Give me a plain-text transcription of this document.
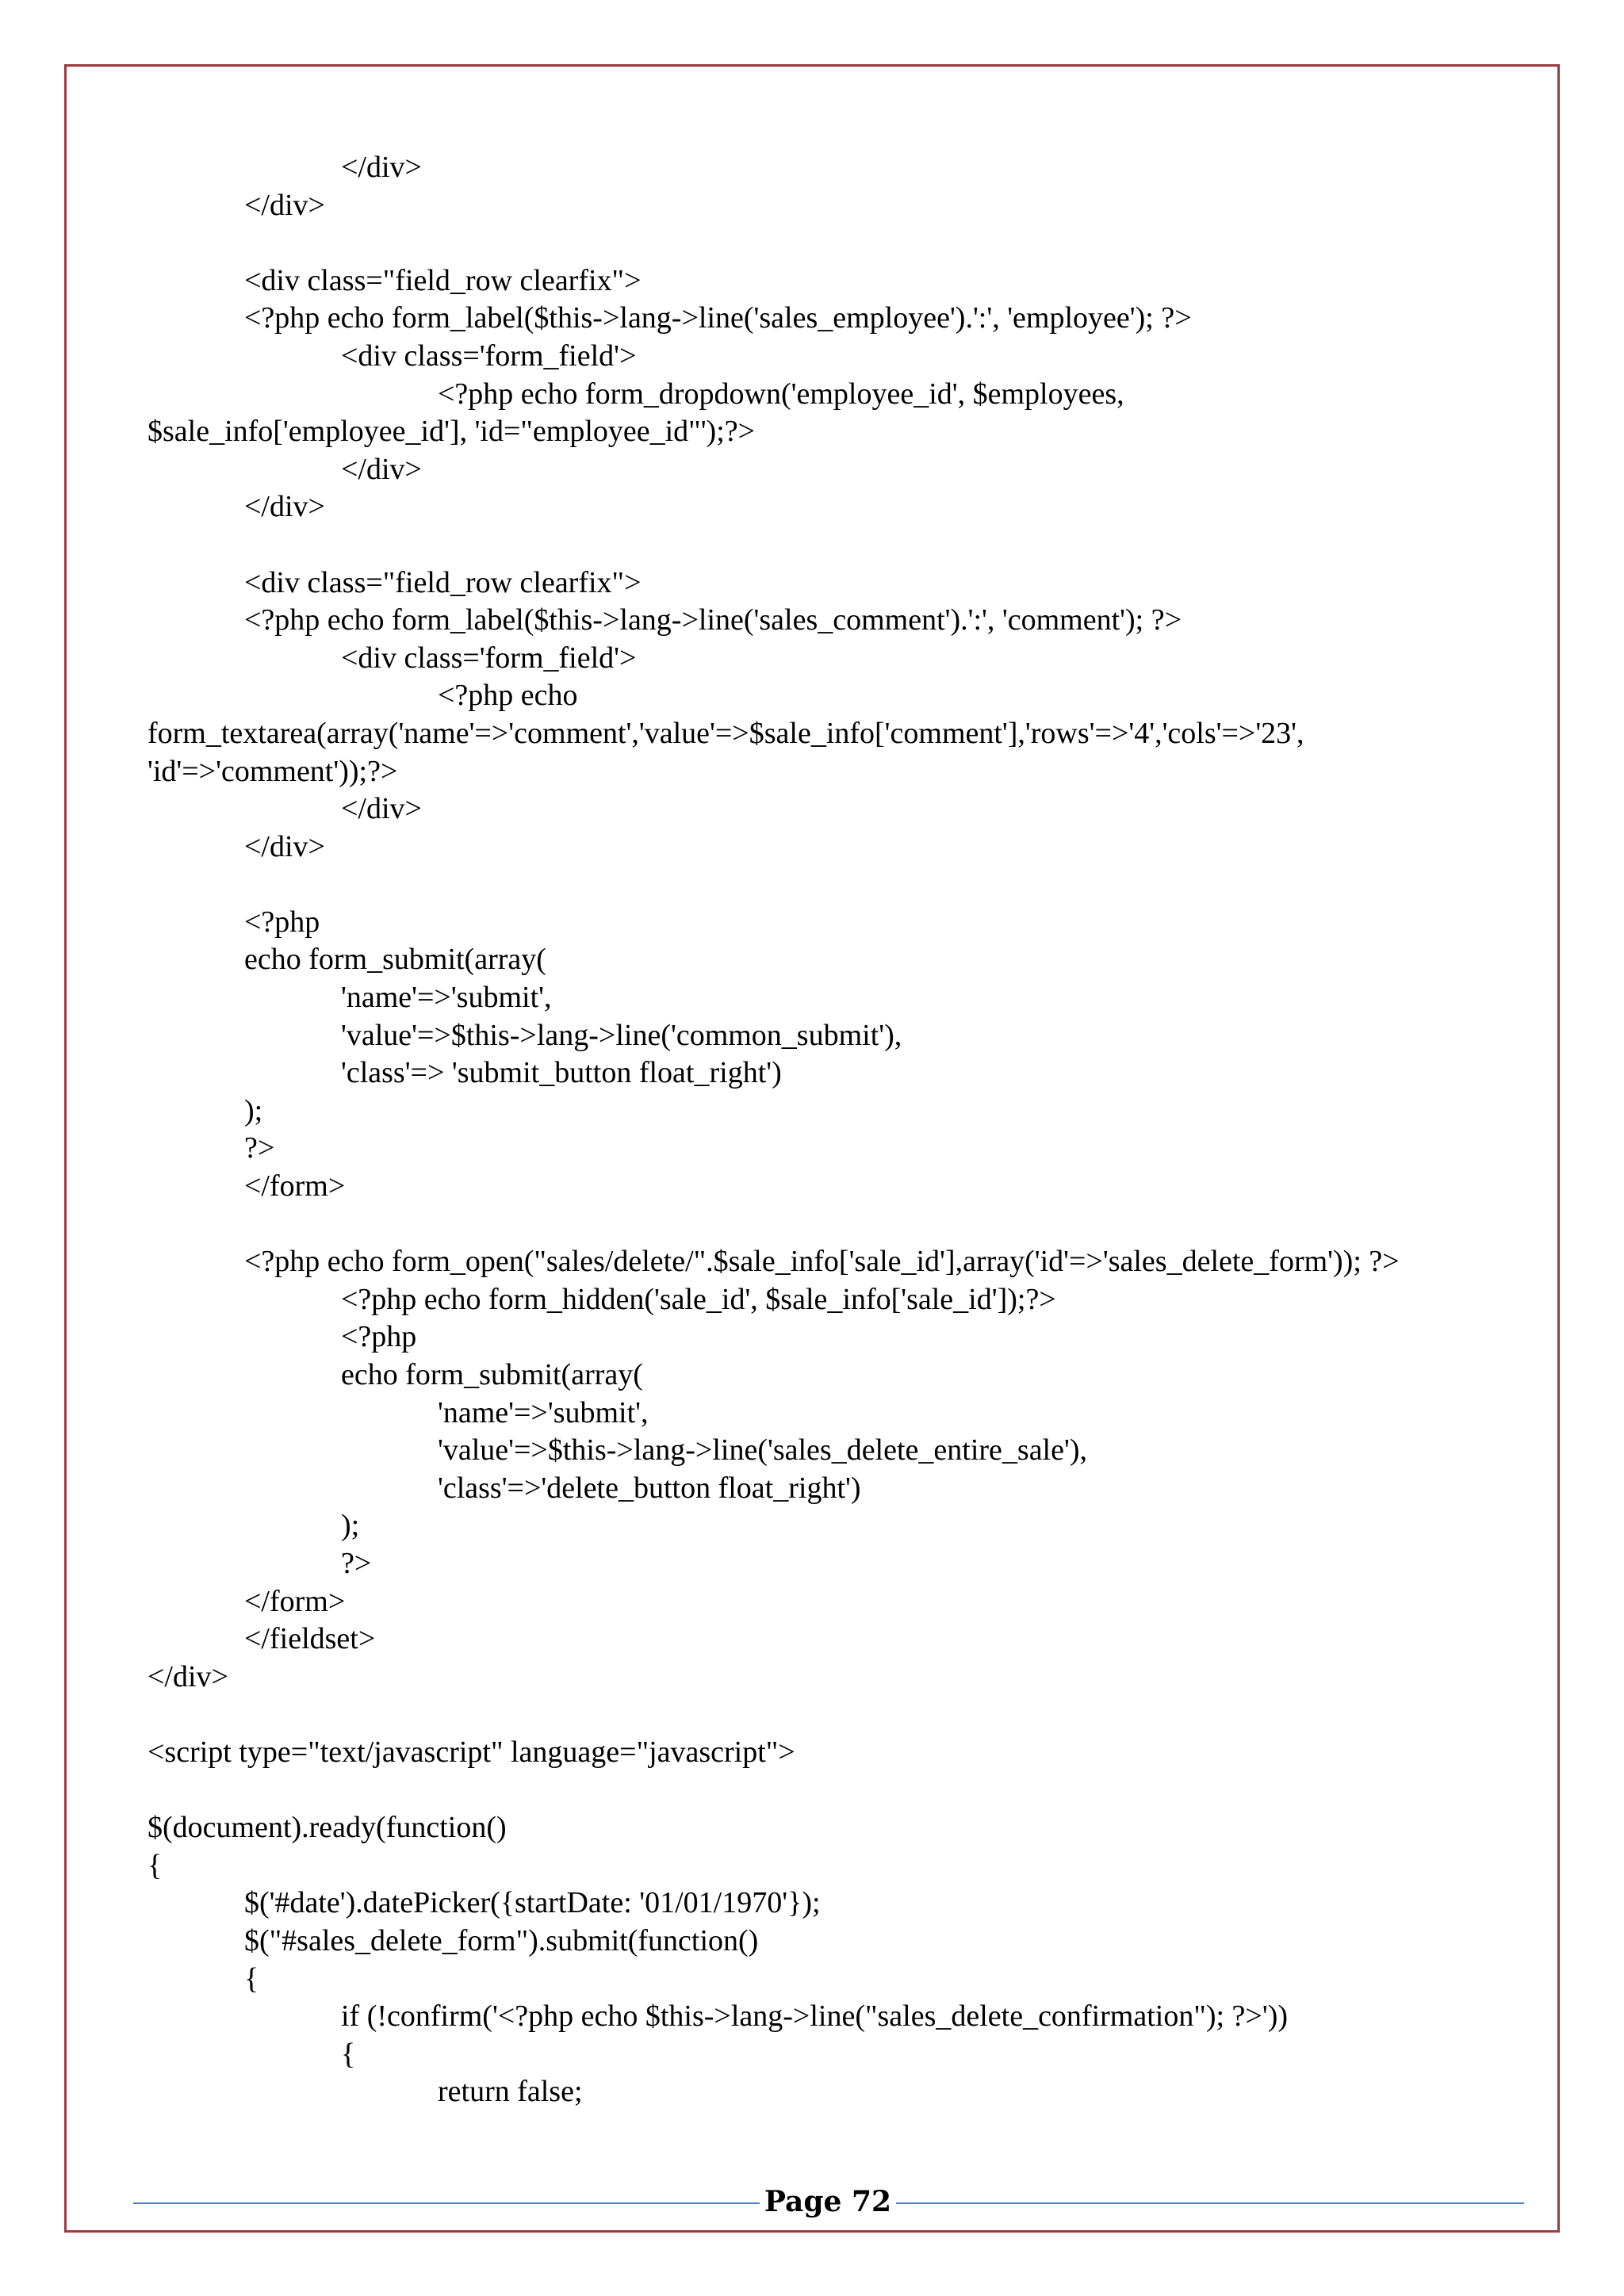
</div>
</div>
<div class="field_row clearfix">
<?php echo form_label($this->lang->line('sales_employee').':', 'employee'); ?>
<div class='form_field'>
<?php echo form_dropdown('employee_id', $employees,
$sale_info['employee_id'], 'id="employee_id"');?>
</div>
</div>
<div class="field_row clearfix">
<?php echo form_label($this->lang->line('sales_comment').':', 'comment'); ?>
<div class='form_field'>
<?php echo
form_textarea(array('name'=>'comment','value'=>$sale_info['comment'],'rows'=>'4','cols'=>'23',
'id'=>'comment'));?>
</div>
</div>
<?php
echo form_submit(array(
'name'=>'submit',
'value'=>$this->lang->line('common_submit'),
'class'=> 'submit_button float_right')
);
?>
</form>
<?php echo form_open("sales/delete/".$sale_info['sale_id'],array('id'=>'sales_delete_form')); ?>
<?php echo form_hidden('sale_id', $sale_info['sale_id']);?>
<?php
echo form_submit(array(
'name'=>'submit',
'value'=>$this->lang->line('sales_delete_entire_sale'),
'class'=>'delete_button float_right')
);
?>
</form>
</fieldset>
</div>
<script type="text/javascript" language="javascript">
$(document).ready(function()
{
$('#date').datePicker({startDate: '01/01/1970'});
$("#sales_delete_form").submit(function()
{
if (!confirm('<?php echo $this->lang->line("sales_delete_confirmation"); ?>'))
{
return false;
Page 72
